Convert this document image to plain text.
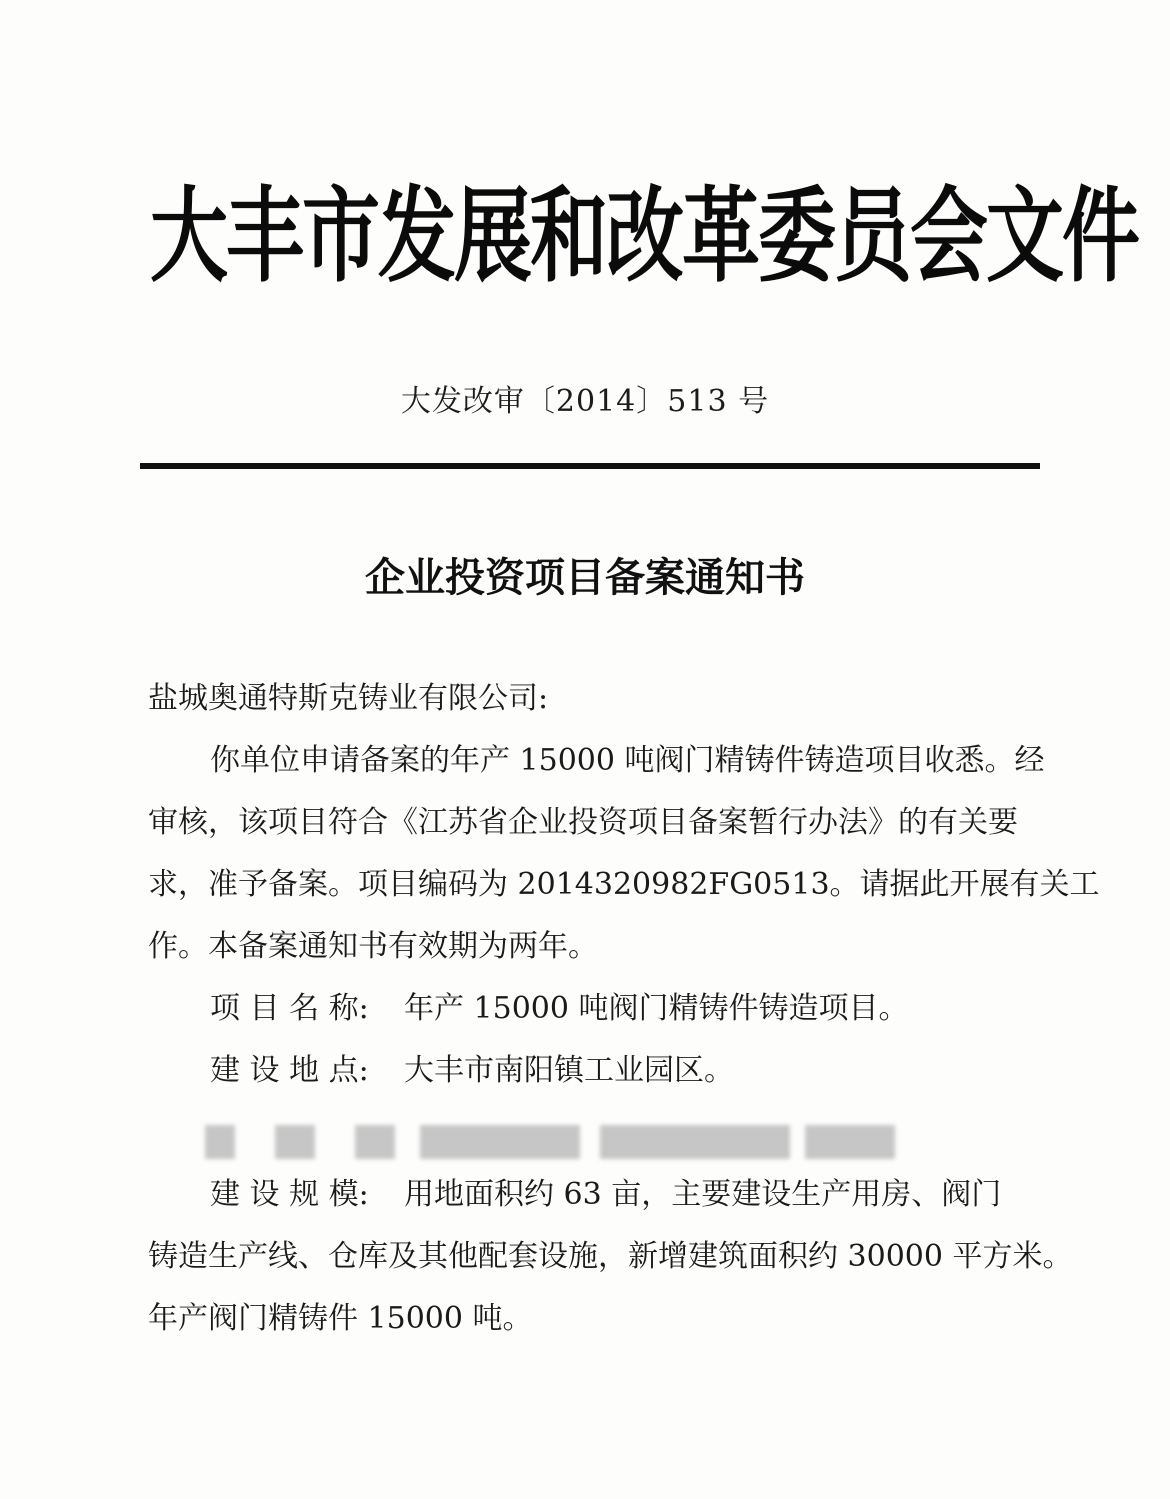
大丰市发展和改革委员会文件
大发改审〔2014〕513 号
企业投资项目备案通知书
盐城奥通特斯克铸业有限公司:
你单位申请备案的年产 15000 吨阀门精铸件铸造项目收悉。经
审核，该项目符合《江苏省企业投资项目备案暂行办法》的有关要
求，准予备案。项目编码为 2014320982FG0513。请据此开展有关工
作。本备案通知书有效期为两年。
项 目 名 称: 年产 15000 吨阀门精铸件铸造项目。
建 设 地 点: 大丰市南阳镇工业园区。
建 设 规 模: 用地面积约 63 亩，主要建设生产用房、阀门
铸造生产线、仓库及其他配套设施，新增建筑面积约 30000 平方米。
年产阀门精铸件 15000 吨。
